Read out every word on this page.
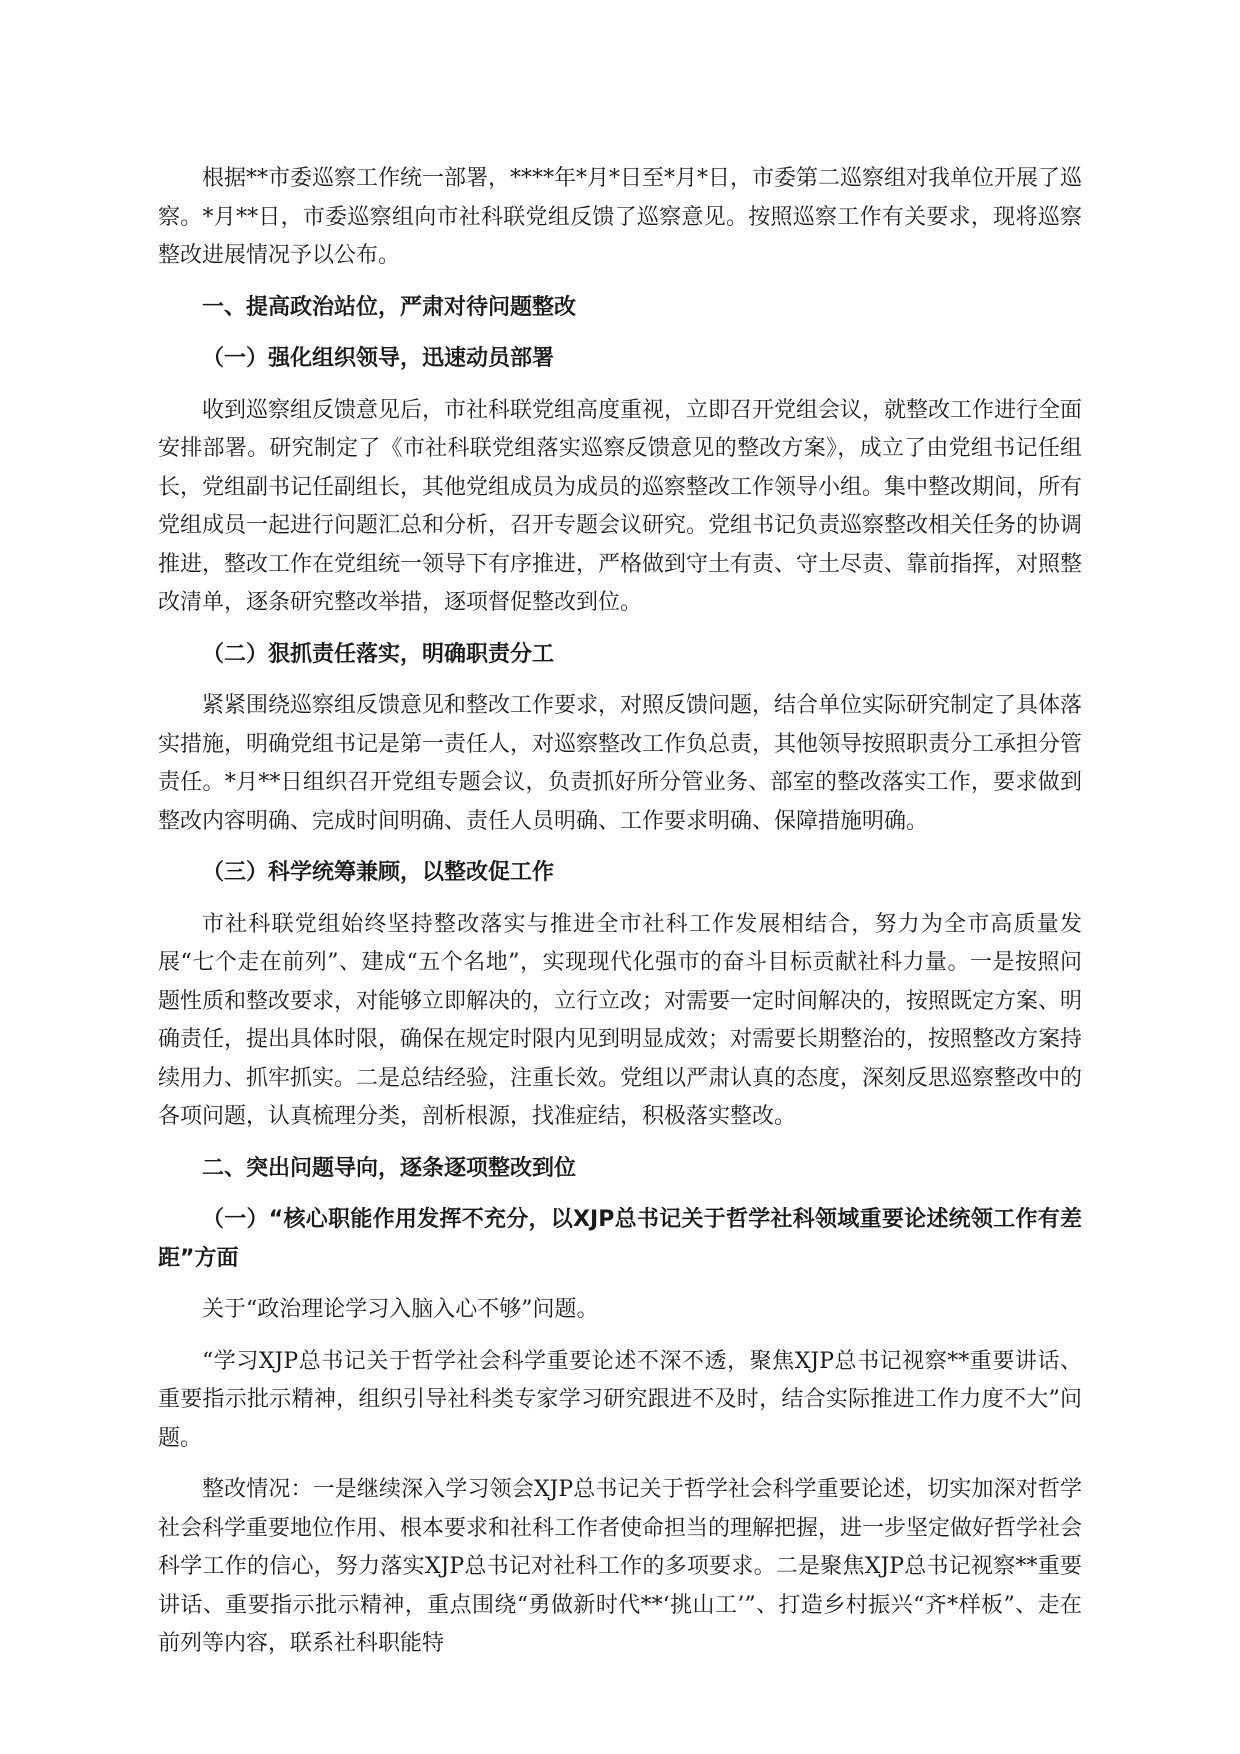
根据**市委巡察工作统一部署，****年*月*日至*月*日，市委第二巡察组对我单位开展了巡察。*月**日，市委巡察组向市社科联党组反馈了巡察意见。按照巡察工作有关要求，现将巡察整改进展情况予以公布。

一、提高政治站位，严肃对待问题整改
（一）强化组织领导，迅速动员部署

收到巡察组反馈意见后，市社科联党组高度重视，立即召开党组会议，就整改工作进行全面安排部署。研究制定了《市社科联党组落实巡察反馈意见的整改方案》，成立了由党组书记任组长，党组副书记任副组长，其他党组成员为成员的巡察整改工作领导小组。集中整改期间，所有党组成员一起进行问题汇总和分析，召开专题会议研究。党组书记负责巡察整改相关任务的协调推进，整改工作在党组统一领导下有序推进，严格做到守土有责、守土尽责、靠前指挥，对照整改清单，逐条研究整改举措，逐项督促整改到位。

（二）狠抓责任落实，明确职责分工

紧紧围绕巡察组反馈意见和整改工作要求，对照反馈问题，结合单位实际研究制定了具体落实措施，明确党组书记是第一责任人，对巡察整改工作负总责，其他领导按照职责分工承担分管责任。*月**日组织召开党组专题会议，负责抓好所分管业务、部室的整改落实工作，要求做到整改内容明确、完成时间明确、责任人员明确、工作要求明确、保障措施明确。

（三）科学统筹兼顾，以整改促工作

市社科联党组始终坚持整改落实与推进全市社科工作发展相结合，努力为全市高质量发展“七个走在前列”、建成“五个名地”，实现现代化强市的奋斗目标贡献社科力量。一是按照问题性质和整改要求，对能够立即解决的，立行立改；对需要一定时间解决的，按照既定方案、明确责任，提出具体时限，确保在规定时限内见到明显成效；对需要长期整治的，按照整改方案持续用力、抓牢抓实。二是总结经验，注重长效。党组以严肃认真的态度，深刻反思巡察整改中的各项问题，认真梳理分类，剖析根源，找准症结，积极落实整改。

二、突出问题导向，逐条逐项整改到位
（一）“核心职能作用发挥不充分，以XJP总书记关于哲学社科领域重要论述统领工作有差距”方面

关于“政治理论学习入脑入心不够”问题。

“学习XJP总书记关于哲学社会科学重要论述不深不透，聚焦XJP总书记视察**重要讲话、重要指示批示精神，组织引导社科类专家学习研究跟进不及时，结合实际推进工作力度不大”问题。

整改情况：一是继续深入学习领会XJP总书记关于哲学社会科学重要论述，切实加深对哲学社会科学重要地位作用、根本要求和社科工作者使命担当的理解把握，进一步坚定做好哲学社会科学工作的信心，努力落实XJP总书记对社科工作的多项要求。二是聚焦XJP总书记视察**重要讲话、重要指示批示精神，重点围绕“勇做新时代**‘挑山工’”、打造乡村振兴“齐*样板”、走在前列等内容，联系社科职能特
